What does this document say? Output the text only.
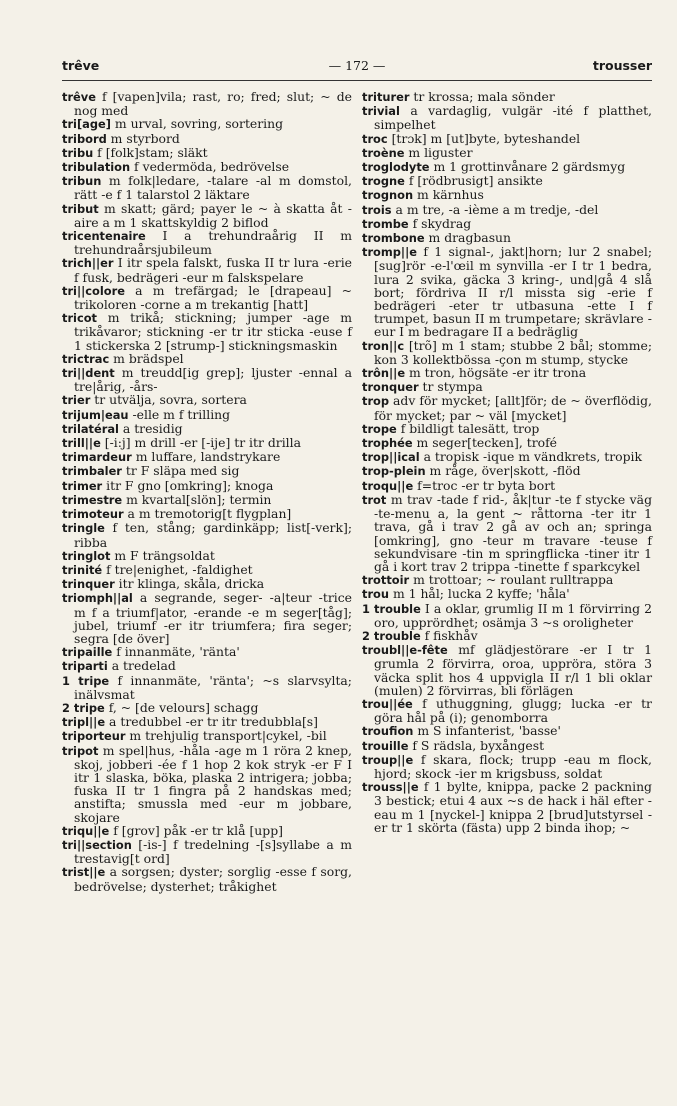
— 172 —
trêve	trousser
trêve f [vapen]vila; rast, ro; fred; slut; ~ de nog med
tri[age] m urval, sovring, sortering
tribord m styrbord
tribu f [folk]stam; släkt
tribulation f vedermöda, bedrövelse
tribun m folk|ledare, -talare -al m domstol, rätt -e f 1 talarstol 2 läktare
tribut m skatt; gärd; payer le ~ à skatta åt -aire a m 1 skattskyldig 2 biflod
tricentenaire I a trehundraårig II m trehundraårsjubileum
trich||er I itr spela falskt, fuska II tr lura -erie f fusk, bedrägeri -eur m falskspelare
tri||colore a m trefärgad; le [drapeau] ~ trikoloren -corne a m trekantig [hatt]
tricot m trikå; stickning; jumper -age m trikåvaror; stickning -er tr itr sticka -euse f 1 stickerska 2 [strump-] stickningsmaskin
trictrac m brädspel
tri||dent m treudd[ig grep]; ljuster -ennal a tre|årig, -års-
trier tr utvälja, sovra, sortera
trijum|eau -elle m f trilling
trilatéral a tresidig
trill||e [-i:j] m drill -er [-ije] tr itr drilla
trimardeur m luffare, landstrykare
trimbaler tr F släpa med sig
trimer itr F gno [omkring]; knoga
trimestre m kvartal[slön]; termin
trimoteur a m tremotorig[t flygplan]
tringle f ten, stång; gardinkäpp; list[-verk]; ribba
tringlot m F trängsoldat
trinité f tre|enighet, -faldighet
trinquer itr klinga, skåla, dricka
triomph||al a segrande, seger- -a|teur -trice m f a triumf|ator, -erande -e m seger[tåg]; jubel, triumf -er itr triumfera; fira seger; segra [de över]
tripaille f innanmäte, 'ränta'
triparti a tredelad
1 tripe f innanmäte, 'ränta'; ~s slarvsylta; inälvsmat
2 tripe f, ~ [de velours] schagg
tripl||e a tredubbel -er tr itr tredubbla[s]
triporteur m trehjulig transport|cykel, -bil
tripot m spel|hus, -håla -age m 1 röra 2 knep, skoj, jobberi -ée f 1 hop 2 kok stryk -er F I itr 1 slaska, böka, plaska 2 intrigera; jobba; fuska II tr 1 fingra på 2 handskas med; anstifta; smussla med -eur m jobbare, skojare
triqu||e f [grov] påk -er tr klå [upp]
tri||section [-is-] f tredelning -[s]syllabe a m trestavig[t ord]
trist||e a sorgsen; dyster; sorglig -esse f sorg, bedrövelse; dysterhet; tråkighet
triturer tr krossa; mala sönder
trivial a vardaglig, vulgär -ité f platthet, simpelhet
troc [trɔk] m [ut]byte, byteshandel
troène m liguster
troglodyte m 1 grottinvånare 2 gärdsmyg
trogne f [rödbrusigt] ansikte
trognon m kärnhus
trois a m tre, -a -ième a m tredje, -del
trombe f skydrag
trombone m dragbasun
tromp||e f 1 signal-, jakt|horn; lur 2 snabel; [sug]rör -e-l'œil m synvilla -er I tr 1 bedra, lura 2 svika, gäcka 3 kring-, und|gå 4 slå bort; fördriva II r/l missta sig -erie f bedrägeri -eter tr utbasuna -ette I f trumpet, basun II m trumpetare; skrävlare -eur I m bedragare II a bedräglig
tron||c [trõ] m 1 stam; stubbe 2 bål; stomme; kon 3 kollektbössa -çon m stump, stycke
trôn||e m tron, högsäte -er itr trona
tronquer tr stympa
trop adv för mycket; [allt]för; de ~ överflödig, för mycket; par ~ väl [mycket]
trope f bildligt talesätt, trop
trophée m seger[tecken], trofé
trop||ical a tropisk -ique m vändkrets, tropik
trop-plein m råge, över|skott, -flöd
troqu||e f=troc -er tr byta bort
trot m trav -tade f rid-, åk|tur -te f stycke väg -te-menu a, la gent ~ råttorna -ter itr 1 trava, gå i trav 2 gå av och an; springa [omkring], gno -teur m travare -teuse f sekundvisare -tin m springflicka -tiner itr 1 gå i kort trav 2 trippa -tinette f sparkcykel
trottoir m trottoar; ~ roulant rulltrappa
trou m 1 hål; lucka 2 kyffe; 'håla'
1 trouble I a oklar, grumlig II m 1 förvirring 2 oro, upprördhet; osämja 3 ~s oroligheter
2 trouble f fiskhåv
troubl||e-fête mf glädjestörare -er I tr 1 grumla 2 förvirra, oroa, uppröra, störa 3 väcka split hos 4 uppvigla II r/l 1 bli oklar (mulen) 2 förvirras, bli förlägen
trou||ée f uthuggning, glugg; lucka -er tr göra hål på (i); genomborra
troufion m S infanterist, 'basse'
trouille f S rädsla, byxångest
troup||e f skara, flock; trupp -eau m flock, hjord; skock -ier m krigsbuss, soldat
trouss||e f 1 bylte, knippa, packe 2 packning 3 bestick; etui 4 aux ~s de hack i häl efter -eau m 1 [nyckel-] knippa 2 [brud]utstyrsel -er tr 1 skörta (fästa) upp 2 binda ihop; ~
